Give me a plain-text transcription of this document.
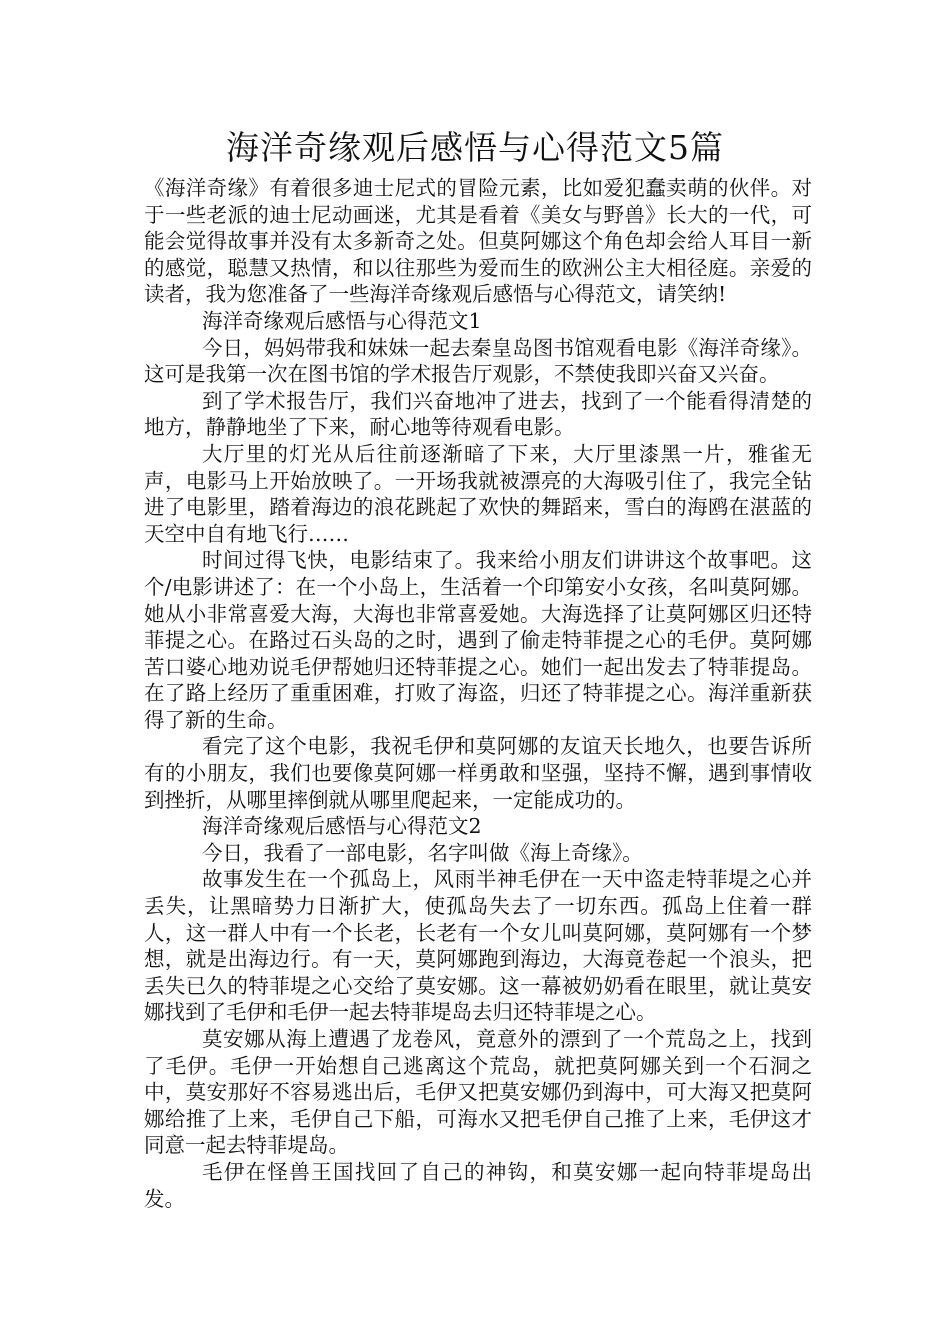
海洋奇缘观后感悟与心得范文5篇

《海洋奇缘》有着很多迪士尼式的冒险元素，比如爱犯蠢卖萌的伙伴。对于一些老派的迪士尼动画迷，尤其是看着《美女与野兽》长大的一代，可能会觉得故事并没有太多新奇之处。但莫阿娜这个角色却会给人耳目一新的感觉，聪慧又热情，和以往那些为爱而生的欧洲公主大相径庭。亲爱的读者，我为您准备了一些海洋奇缘观后感悟与心得范文，请笑纳!

海洋奇缘观后感悟与心得范文1

今日，妈妈带我和妹妹一起去秦皇岛图书馆观看电影《海洋奇缘》。这可是我第一次在图书馆的学术报告厅观影，不禁使我即兴奋又兴奋。

到了学术报告厅，我们兴奋地冲了进去，找到了一个能看得清楚的地方，静静地坐了下来，耐心地等待观看电影。

大厅里的灯光从后往前逐渐暗了下来，大厅里漆黑一片，雅雀无声，电影马上开始放映了。一开场我就被漂亮的大海吸引住了，我完全钻进了电影里，踏着海边的浪花跳起了欢快的舞蹈来，雪白的海鸥在湛蓝的天空中自有地飞行……

时间过得飞快，电影结束了。我来给小朋友们讲讲这个故事吧。这个/电影讲述了：在一个小岛上，生活着一个印第安小女孩，名叫莫阿娜。她从小非常喜爱大海，大海也非常喜爱她。大海选择了让莫阿娜区归还特菲提之心。在路过石头岛的之时，遇到了偷走特菲提之心的毛伊。莫阿娜苦口婆心地劝说毛伊帮她归还特菲提之心。她们一起出发去了特菲提岛。在了路上经历了重重困难，打败了海盗，归还了特菲提之心。海洋重新获得了新的生命。

看完了这个电影，我祝毛伊和莫阿娜的友谊天长地久，也要告诉所有的小朋友，我们也要像莫阿娜一样勇敢和坚强，坚持不懈，遇到事情收到挫折，从哪里摔倒就从哪里爬起来，一定能成功的。

海洋奇缘观后感悟与心得范文2

今日，我看了一部电影，名字叫做《海上奇缘》。

故事发生在一个孤岛上，风雨半神毛伊在一天中盗走特菲堤之心并丢失，让黑暗势力日渐扩大，使孤岛失去了一切东西。孤岛上住着一群人，这一群人中有一个长老，长老有一个女儿叫莫阿娜，莫阿娜有一个梦想，就是出海边行。有一天，莫阿娜跑到海边，大海竟卷起一个浪头，把丢失已久的特菲堤之心交给了莫安娜。这一幕被奶奶看在眼里，就让莫安娜找到了毛伊和毛伊一起去特菲堤岛去归还特菲堤之心。

莫安娜从海上遭遇了龙卷风，竟意外的漂到了一个荒岛之上，找到了毛伊。毛伊一开始想自己逃离这个荒岛，就把莫阿娜关到一个石洞之中，莫安那好不容易逃出后，毛伊又把莫安娜仍到海中，可大海又把莫阿娜给推了上来，毛伊自己下船，可海水又把毛伊自己推了上来，毛伊这才同意一起去特菲堤岛。

毛伊在怪兽王国找回了自己的神钩，和莫安娜一起向特菲堤岛出发。
